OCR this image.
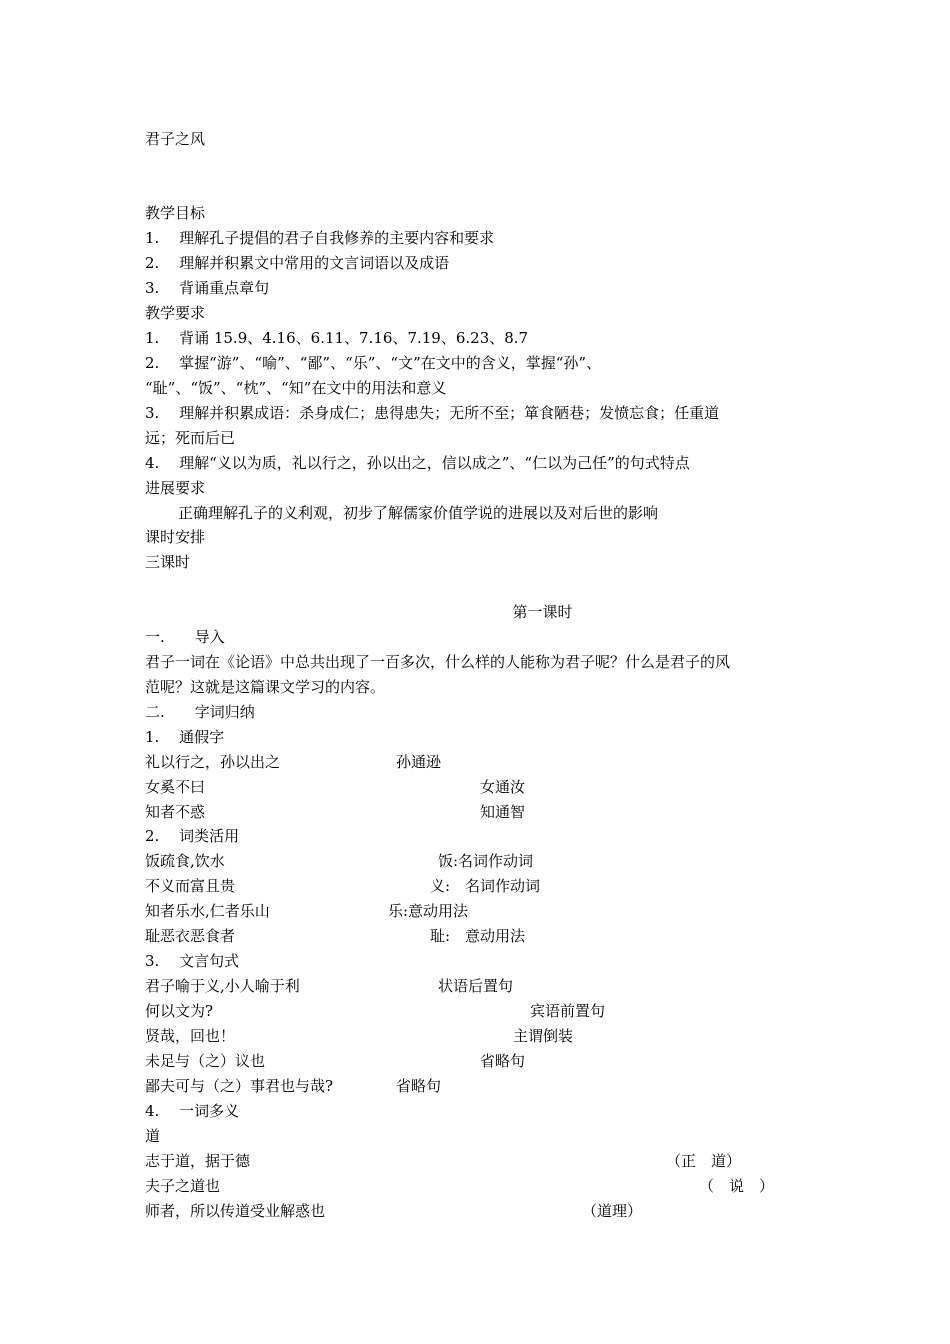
君子之风
教学目标
1.　 理解孔子提倡的君子自我修养的主要内容和要求
2.　 理解并积累文中常用的文言词语以及成语
3.　 背诵重点章句
教学要求
1.　 背诵 15.9、4.16、6.11、7.16、7.19、6.23、8.7
2.　 掌握“游”、“喻”、“鄙”、“乐”、“文”在文中的含义，掌握“孙”、
“耻”、“饭”、“枕”、“知”在文中的用法和意义
3.　 理解并积累成语：杀身成仁；患得患失；无所不至；箪食陋巷；发愤忘食；任重道
远；死而后已
4.　 理解“义以为质，礼以行之，孙以出之，信以成之”、“仁以为己任”的句式特点
进展要求
正确理解孔子的义利观，初步了解儒家价值学说的进展以及对后世的影响
课时安排
三课时
第一课时
一.　　导入
君子一词在《论语》中总共出现了一百多次，什么样的人能称为君子呢？什么是君子的风
范呢？这就是这篇课文学习的内容。
二.　　字词归纳
1.　 通假字
礼以行之，孙以出之	孙通逊
女奚不曰	女通汝
知者不惑	知通智
2.　 词类活用
饭疏食,饮水	饭:名词作动词
不义而富且贵	义:　名词作动词
知者乐水,仁者乐山	乐:意动用法
耻恶衣恶食者	耻:　意动用法
3.　 文言句式
君子喻于义,小人喻于利	状语后置句
何以文为?	宾语前置句
贤哉，回也！	主谓倒装
未足与（之）议也	省略句
鄙夫可与（之）事君也与哉?	省略句
4.　 一词多义
道
志于道，据于德	（正　道）
夫子之道也	（　说　）
师者，所以传道受业解惑也	（道理）
